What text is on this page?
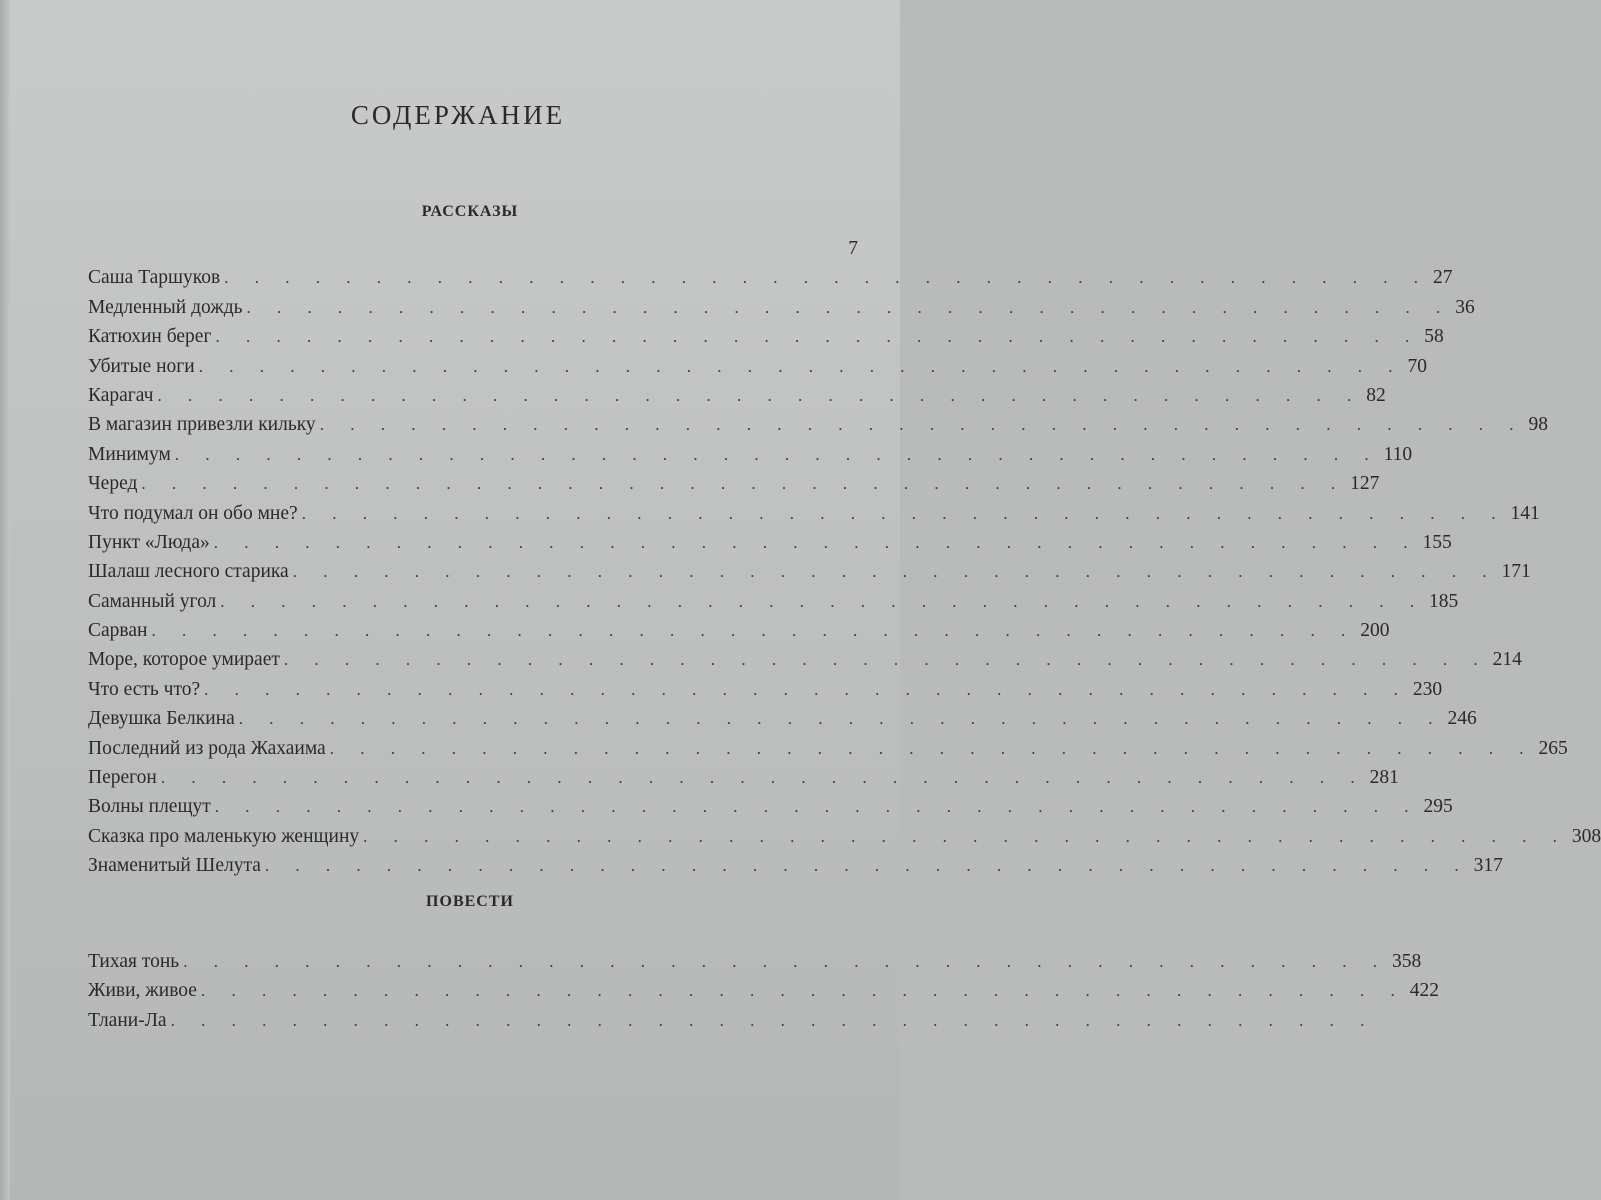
СОДЕРЖАНИЕ
РАССКАЗЫ
7
Саша Таршуков . . . . . . . . . . . . . . . . . . . . . . . . . . . . . . . . . . . . . . . . 27
Медленный дождь . . . . . . . . . . . . . . . . . . . . . . . . . . . . . . . . . . . . . . . . 36
Катюхин берег . . . . . . . . . . . . . . . . . . . . . . . . . . . . . . . . . . . . . . . . 58
Убитые ноги . . . . . . . . . . . . . . . . . . . . . . . . . . . . . . . . . . . . . . . . 70
Карагач . . . . . . . . . . . . . . . . . . . . . . . . . . . . . . . . . . . . . . . . 82
В магазин привезли кильку . . . . . . . . . . . . . . . . . . . . . . . . . . . . . . . . . . . . . . . . 98
Минимум . . . . . . . . . . . . . . . . . . . . . . . . . . . . . . . . . . . . . . . . 110
Черед . . . . . . . . . . . . . . . . . . . . . . . . . . . . . . . . . . . . . . . . 127
Что подумал он обо мне? . . . . . . . . . . . . . . . . . . . . . . . . . . . . . . . . . . . . . . . . 141
Пункт «Люда» . . . . . . . . . . . . . . . . . . . . . . . . . . . . . . . . . . . . . . . . 155
Шалаш лесного старика . . . . . . . . . . . . . . . . . . . . . . . . . . . . . . . . . . . . . . . . 171
Саманный угол . . . . . . . . . . . . . . . . . . . . . . . . . . . . . . . . . . . . . . . . 185
Сарван . . . . . . . . . . . . . . . . . . . . . . . . . . . . . . . . . . . . . . . . 200
Море, которое умирает . . . . . . . . . . . . . . . . . . . . . . . . . . . . . . . . . . . . . . . . 214
Что есть что? . . . . . . . . . . . . . . . . . . . . . . . . . . . . . . . . . . . . . . . . 230
Девушка Белкина . . . . . . . . . . . . . . . . . . . . . . . . . . . . . . . . . . . . . . . . 246
Последний из рода Жахаима . . . . . . . . . . . . . . . . . . . . . . . . . . . . . . . . . . . . . . . . 265
Перегон . . . . . . . . . . . . . . . . . . . . . . . . . . . . . . . . . . . . . . . . 281
Волны плещут . . . . . . . . . . . . . . . . . . . . . . . . . . . . . . . . . . . . . . . . 295
Сказка про маленькую женщину . . . . . . . . . . . . . . . . . . . . . . . . . . . . . . . . . . . . . . . . 308
Знаменитый Шелута . . . . . . . . . . . . . . . . . . . . . . . . . . . . . . . . . . . . . . . . 317
ПОВЕСТИ
Тихая тонь . . . . . . . . . . . . . . . . . . . . . . . . . . . . . . . . . . . . . . . . 358
Живи, живое . . . . . . . . . . . . . . . . . . . . . . . . . . . . . . . . . . . . . . . . 422
Тлани-Ла . . . . . . . . . . . . . . . . . . . . . . . . . . . . . . . . . . . . . . . .
